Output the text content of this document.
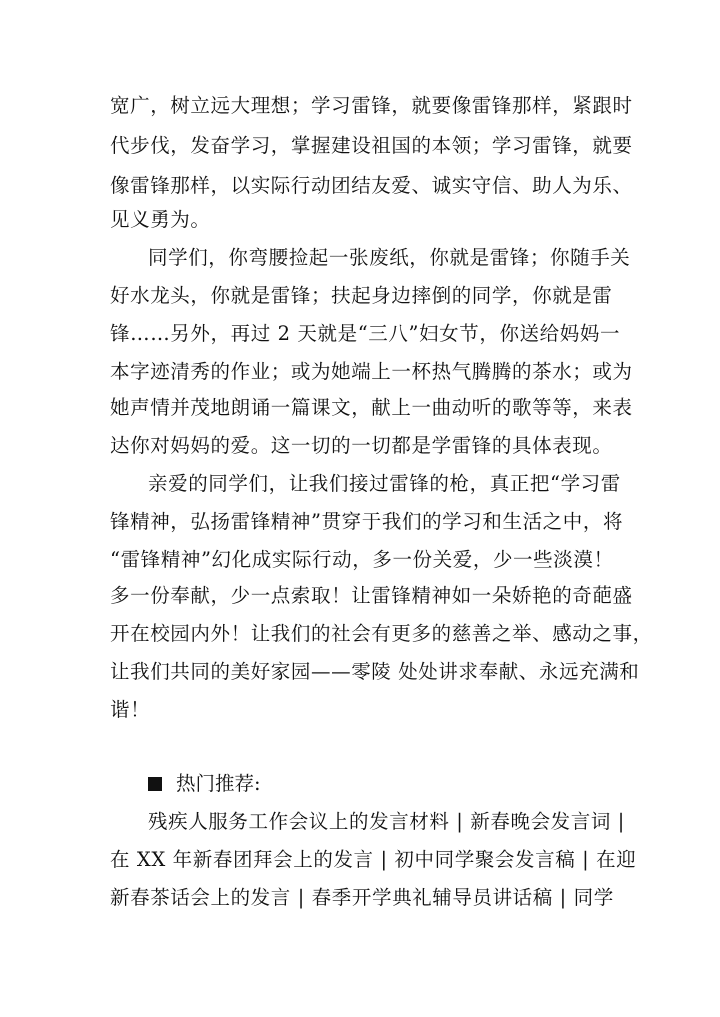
宽广，树立远大理想；学习雷锋，就要像雷锋那样，紧跟时
代步伐，发奋学习，掌握建设祖国的本领；学习雷锋，就要
像雷锋那样，以实际行动团结友爱、诚实守信、助人为乐、
见义勇为。
同学们，你弯腰捡起一张废纸，你就是雷锋；你随手关
好水龙头，你就是雷锋；扶起身边摔倒的同学，你就是雷
锋……另外，再过 2 天就是“三八”妇女节，你送给妈妈一
本字迹清秀的作业；或为她端上一杯热气腾腾的茶水；或为
她声情并茂地朗诵一篇课文，献上一曲动听的歌等等，来表
达你对妈妈的爱。这一切的一切都是学雷锋的具体表现。
亲爱的同学们，让我们接过雷锋的枪，真正把“学习雷
锋精神，弘扬雷锋精神”贯穿于我们的学习和生活之中，将
“雷锋精神”幻化成实际行动，多一份关爱，少一些淡漠！
多一份奉献，少一点索取！让雷锋精神如一朵娇艳的奇葩盛
开在校园内外！让我们的社会有更多的慈善之举、感动之事，
让我们共同的美好家园——零陵 处处讲求奉献、永远充满和
谐！
热门推荐:
残疾人服务工作会议上的发言材料 | 新春晚会发言词 |
在 XX 年新春团拜会上的发言 | 初中同学聚会发言稿 | 在迎
新春茶话会上的发言 | 春季开学典礼辅导员讲话稿 | 同学
